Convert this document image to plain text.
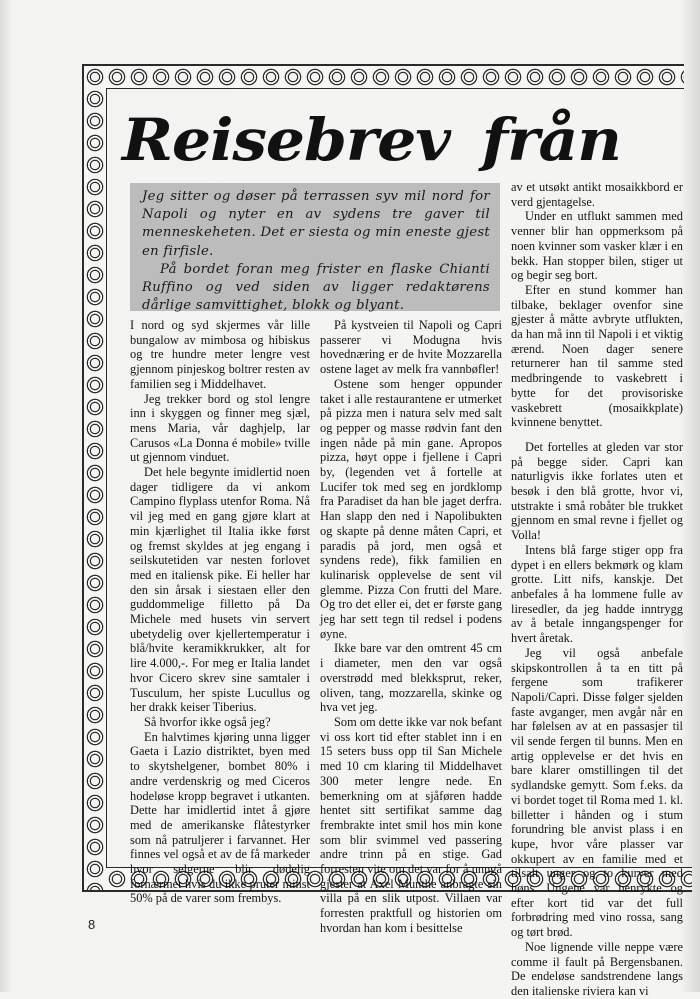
Reisebrev från

Jeg sitter og døser på terrassen syv mil nord for Napoli og nyter en av sydens tre gaver til menneskeheten. Det er siesta og min eneste gjest en firfisle.

På bordet foran meg frister en flaske Chianti Ruffino og ved siden av ligger redaktørens dårlige samvittighet, blokk og blyant.

I nord og syd skjermes vår lille bungalow av mimbosa og hibiskus og tre hundre meter lengre vest gjennom pinjeskog boltrer resten av familien seg i Middelhavet.

Jeg trekker bord og stol lengre inn i skyggen og finner meg sjæl, mens Maria, vår daghjelp, lar Carusos «La Donna é mobile» tville ut gjennom vinduet.

Det hele begynte imidlertid noen dager tidligere da vi ankom Campino flyplass utenfor Roma. Nå vil jeg med en gang gjøre klart at min kjærlighet til Italia ikke først og fremst skyldes at jeg engang i seilskutetiden var nesten forlovet med en italiensk pike. Ei heller har den sin årsak i siestaen eller den guddommelige filletto på Da Michele med husets vin servert ubetydelig over kjellertemperatur i blå/hvite keramikkrukker, alt for lire 4.000,-. For meg er Italia landet hvor Cicero skrev sine samtaler i Tusculum, her spiste Lucullus og her drakk keiser Tiberius.

Så hvorfor ikke også jeg?

En halvtimes kjøring unna ligger Gaeta i Lazio distriktet, byen med to skytshelgener, bombet 80% i andre verdenskrig og med Ciceros hodeløse kropp begravet i utkanten. Dette har imidlertid intet å gjøre med de amerikanske flåtestyrker som nå patruljerer i farvannet. Her finnes vel også et av de få markeder hvor selgerne blir dødelig fornærmet hvis du ikke pruter minst 50% på de varer som frembys.

På kystveien til Napoli og Capri passerer vi Modugna hvis hovednæring er de hvite Mozzarella ostene laget av melk fra vannbøfler!

Ostene som henger oppunder taket i alle restaurantene er utmerket på pizza men i natura selv med salt og pepper og masse rødvin fant den ingen nåde på min gane. Apropos pizza, høyt oppe i fjellene i Capri by, (legenden vet å fortelle at Lucifer tok med seg en jordklomp fra Paradiset da han ble jaget derfra. Han slapp den ned i Napolibukten og skapte på denne måten Capri, et paradis på jord, men også et syndens rede), fikk familien en kulinarisk opplevelse de sent vil glemme. Pizza Con frutti del Mare. Og tro det eller ei, det er første gang jeg har sett tegn til redsel i podens øyne.

Ikke bare var den omtrent 45 cm i diameter, men den var også overstrødd med blekksprut, reker, oliven, tang, mozzarella, skinke og hva vet jeg.

Som om dette ikke var nok befant vi oss kort tid efter stablet inn i en 15 seters buss opp til San Michele med 10 cm klaring til Middelhavet 300 meter lengre nede. En bemerkning om at sjåføren hadde hentet sitt sertifikat samme dag frembrakte intet smil hos min kone som blir svimmel ved passering andre trinn på en stige. Gad forresten vite om det var for å unngå gjester at Axel Munthe anbragte sin villa på en slik utpost. Villaen var forresten praktfull og historien om hvordan han kom i besittelse

av et utsøkt antikt mosaikkbord er verd gjentagelse.

Under en utflukt sammen med venner blir han oppmerksom på noen kvinner som vasker klær i en bekk. Han stopper bilen, stiger ut og begir seg bort.

Efter en stund kommer han tilbake, beklager ovenfor sine gjester å måtte avbryte utflukten, da han må inn til Napoli i et viktig ærend. Noen dager senere returnerer han til samme sted medbringende to vaskebrett i bytte for det provisoriske vaskebrett (mosaikkplate) kvinnene benyttet.

Det fortelles at gleden var stor på begge sider. Capri kan naturligvis ikke forlates uten et besøk i den blå grotte, hvor vi, utstrakte i små robåter ble trukket gjennom en smal revne i fjellet og Volla!

Intens blå farge stiger opp fra dypet i en ellers bekmørk og klam grotte. Litt nifs, kanskje. Det anbefales å ha lommene fulle av liresedler, da jeg hadde inntrygg av å betale inngangspenger for hvert åretak.

Jeg vil også anbefale skipskontrollen å ta en titt på fergene som trafikerer Napoli/Capri. Disse følger sjelden faste avganger, men avgår når en har følelsen av at en passasjer til vil sende fergen til bunns. Men en artig opplevelse er det hvis en bare klarer omstillingen til det sydlandske gemytt. Som f.eks. da vi bordet toget til Roma med 1. kl. billetter i hånden og i stum forundring ble anvist plass i en kupe, hvor våre plasser var okkupert av en familie med et tilsalt unger og to kurver med høns. Ungene var henrykte og efter kort tid var det full forbrødring med vino rossa, sang og tørt brød.

Noe lignende ville neppe være comme il fault på Bergensbanen. De endeløse sandstrendene langs den italienske riviera kan vi

8
